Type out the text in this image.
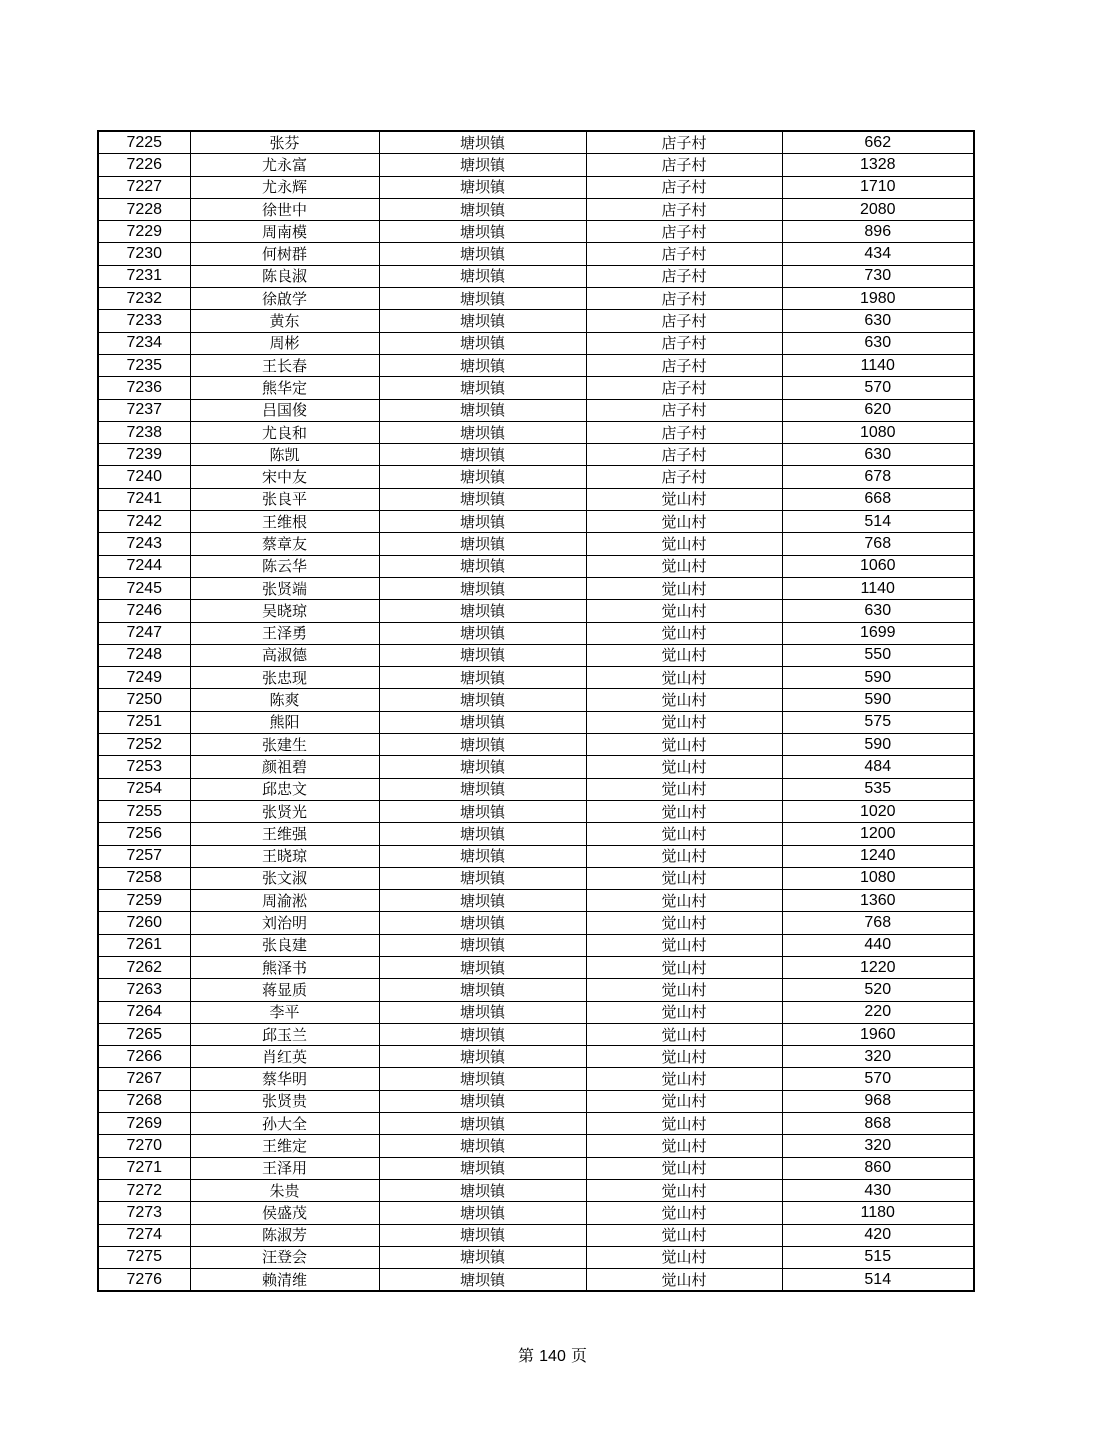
7225	张芬	塘坝镇	店子村	662
7226	尤永富	塘坝镇	店子村	1328
7227	尤永辉	塘坝镇	店子村	1710
7228	徐世中	塘坝镇	店子村	2080
7229	周南模	塘坝镇	店子村	896
7230	何树群	塘坝镇	店子村	434
7231	陈良淑	塘坝镇	店子村	730
7232	徐啟学	塘坝镇	店子村	1980
7233	黄东	塘坝镇	店子村	630
7234	周彬	塘坝镇	店子村	630
7235	王长春	塘坝镇	店子村	1140
7236	熊华定	塘坝镇	店子村	570
7237	吕国俊	塘坝镇	店子村	620
7238	尤良和	塘坝镇	店子村	1080
7239	陈凯	塘坝镇	店子村	630
7240	宋中友	塘坝镇	店子村	678
7241	张良平	塘坝镇	觉山村	668
7242	王维根	塘坝镇	觉山村	514
7243	蔡章友	塘坝镇	觉山村	768
7244	陈云华	塘坝镇	觉山村	1060
7245	张贤端	塘坝镇	觉山村	1140
7246	吴晓琼	塘坝镇	觉山村	630
7247	王泽勇	塘坝镇	觉山村	1699
7248	高淑德	塘坝镇	觉山村	550
7249	张忠现	塘坝镇	觉山村	590
7250	陈爽	塘坝镇	觉山村	590
7251	熊阳	塘坝镇	觉山村	575
7252	张建生	塘坝镇	觉山村	590
7253	颜祖碧	塘坝镇	觉山村	484
7254	邱忠文	塘坝镇	觉山村	535
7255	张贤光	塘坝镇	觉山村	1020
7256	王维强	塘坝镇	觉山村	1200
7257	王晓琼	塘坝镇	觉山村	1240
7258	张文淑	塘坝镇	觉山村	1080
7259	周渝淞	塘坝镇	觉山村	1360
7260	刘治明	塘坝镇	觉山村	768
7261	张良建	塘坝镇	觉山村	440
7262	熊泽书	塘坝镇	觉山村	1220
7263	蒋显质	塘坝镇	觉山村	520
7264	李平	塘坝镇	觉山村	220
7265	邱玉兰	塘坝镇	觉山村	1960
7266	肖红英	塘坝镇	觉山村	320
7267	蔡华明	塘坝镇	觉山村	570
7268	张贤贵	塘坝镇	觉山村	968
7269	孙大全	塘坝镇	觉山村	868
7270	王维定	塘坝镇	觉山村	320
7271	王泽用	塘坝镇	觉山村	860
7272	朱贵	塘坝镇	觉山村	430
7273	侯盛茂	塘坝镇	觉山村	1180
7274	陈淑芳	塘坝镇	觉山村	420
7275	汪登会	塘坝镇	觉山村	515
7276	赖清维	塘坝镇	觉山村	514
第 140 页
